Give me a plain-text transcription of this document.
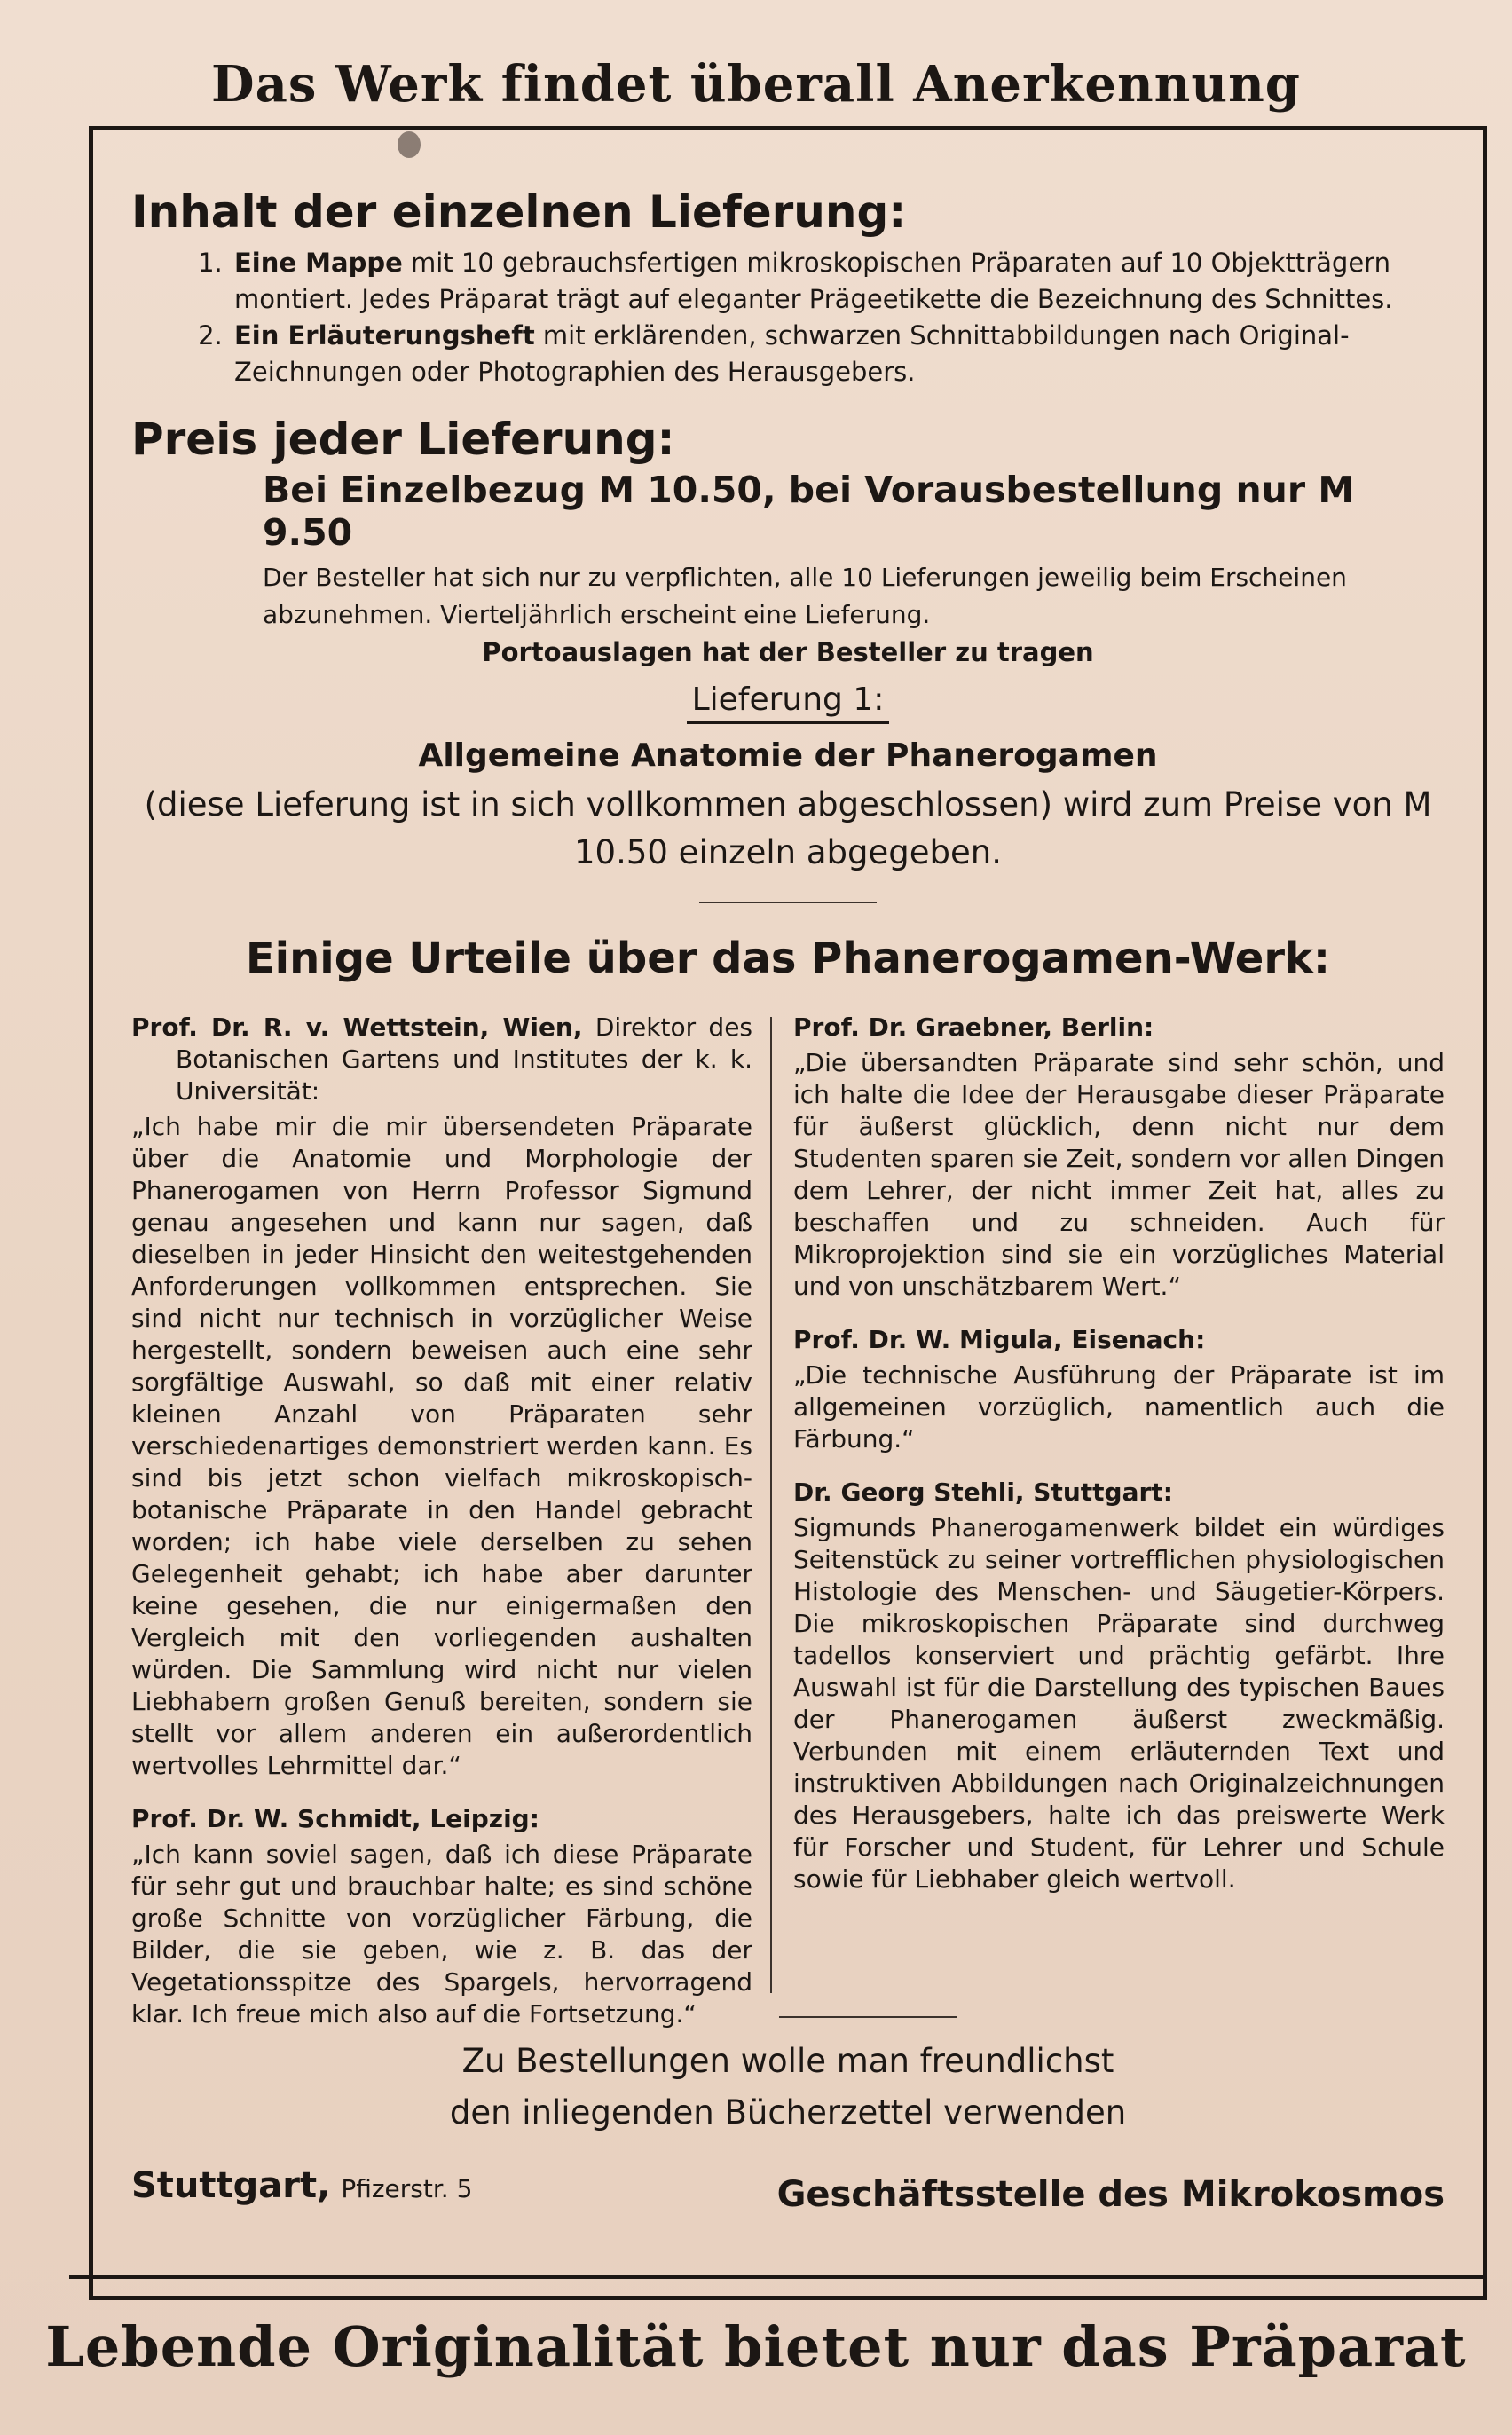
Das Werk findet überall Anerkennung
Inhalt der einzelnen Lieferung:
1. Eine Mappe mit 10 gebrauchsfertigen mikroskopischen Präparaten auf 10 Objektträgern montiert. Jedes Präparat trägt auf eleganter Prägeetikette die Bezeichnung des Schnittes.
2. Ein Erläuterungsheft mit erklärenden, schwarzen Schnittabbildungen nach Original-Zeichnungen oder Photographien des Herausgebers.
Preis jeder Lieferung:
Bei Einzelbezug M 10.50, bei Vorausbestellung nur M 9.50
Der Besteller hat sich nur zu verpflichten, alle 10 Lieferungen jeweilig beim Erscheinen abzunehmen. Vierteljährlich erscheint eine Lieferung.
Portoauslagen hat der Besteller zu tragen
Lieferung 1:
Allgemeine Anatomie der Phanerogamen

(diese Lieferung ist in sich vollkommen abgeschlossen) wird zum Preise von M 10.50 einzeln abgegeben.

Einige Urteile über das Phanerogamen-Werk:
Prof. Dr. R. v. Wettstein, Wien, Direktor des Botanischen Gartens und Institutes der k. k. Universität:
„Ich habe mir die mir übersendeten Präparate über die Anatomie und Morphologie der Phanerogamen von Herrn Professor Sigmund genau angesehen und kann nur sagen, daß dieselben in jeder Hinsicht den weitestgehenden Anforderungen vollkommen entsprechen. Sie sind nicht nur technisch in vorzüglicher Weise hergestellt, sondern beweisen auch eine sehr sorgfältige Auswahl, so daß mit einer relativ kleinen Anzahl von Präparaten sehr verschiedenartiges demonstriert werden kann. Es sind bis jetzt schon vielfach mikroskopisch-botanische Präparate in den Handel gebracht worden; ich habe viele derselben zu sehen Gelegenheit gehabt; ich habe aber darunter keine gesehen, die nur einigermaßen den Vergleich mit den vorliegenden aushalten würden. Die Sammlung wird nicht nur vielen Liebhabern großen Genuß bereiten, sondern sie stellt vor allem anderen ein außerordentlich wertvolles Lehrmittel dar.“
Prof. Dr. W. Schmidt, Leipzig:
„Ich kann soviel sagen, daß ich diese Präparate für sehr gut und brauchbar halte; es sind schöne große Schnitte von vorzüglicher Färbung, die Bilder, die sie geben, wie z. B. das der Vegetationsspitze des Spargels, hervorragend klar. Ich freue mich also auf die Fortsetzung.“
Prof. Dr. Graebner, Berlin:
„Die übersandten Präparate sind sehr schön, und ich halte die Idee der Herausgabe dieser Präparate für äußerst glücklich, denn nicht nur dem Studenten sparen sie Zeit, sondern vor allen Dingen dem Lehrer, der nicht immer Zeit hat, alles zu beschaffen und zu schneiden. Auch für Mikroprojektion sind sie ein vorzügliches Material und von unschätzbarem Wert.“
Prof. Dr. W. Migula, Eisenach:
„Die technische Ausführung der Präparate ist im allgemeinen vorzüglich, namentlich auch die Färbung.“
Dr. Georg Stehli, Stuttgart:
Sigmunds Phanerogamenwerk bildet ein würdiges Seitenstück zu seiner vortrefflichen physiologischen Histologie des Menschen- und Säugetier-Körpers. Die mikroskopischen Präparate sind durchweg tadellos konserviert und prächtig gefärbt. Ihre Auswahl ist für die Darstellung des typischen Baues der Phanerogamen äußerst zweckmäßig. Verbunden mit einem erläuternden Text und instruktiven Abbildungen nach Originalzeichnungen des Herausgebers, halte ich das preiswerte Werk für Forscher und Student, für Lehrer und Schule sowie für Liebhaber gleich wertvoll.

Zu Bestellungen wolle man freundlichst

den inliegenden Bücherzettel verwenden

Stuttgart, Pfizerstr. 5	Geschäftsstelle des Mikrokosmos
Lebende Originalität bietet nur das Präparat
